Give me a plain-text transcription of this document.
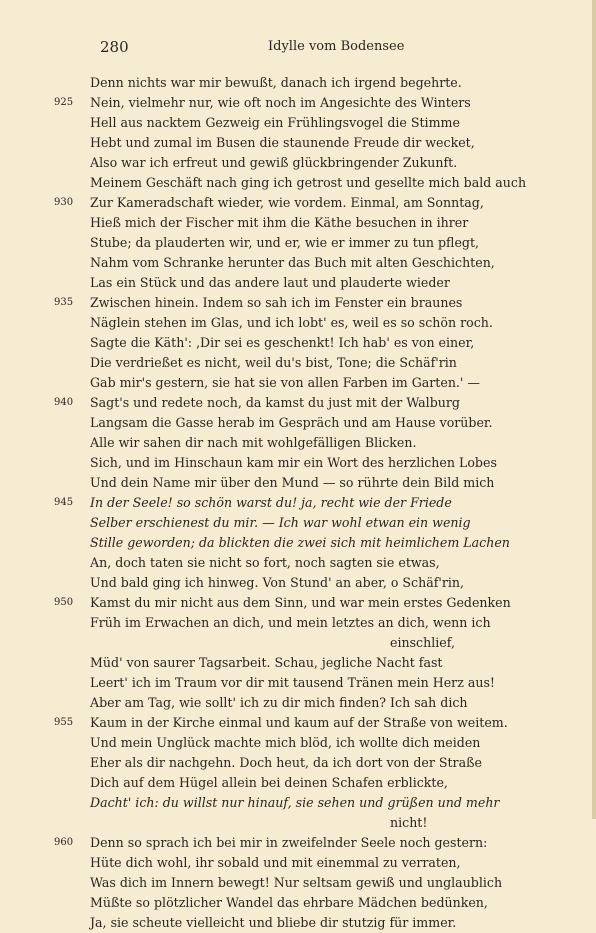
280	Idylle vom Bodensee
Denn nichts war mir bewußt, danach ich irgend begehrte.
925	Nein, vielmehr nur, wie oft noch im Angesichte des Winters
Hell aus nacktem Gezweig ein Frühlingsvogel die Stimme
Hebt und zumal im Busen die staunende Freude dir wecket,
Also war ich erfreut und gewiß glückbringender Zukunft.
Meinem Geschäft nach ging ich getrost und gesellte mich bald auch
930	Zur Kameradschaft wieder, wie vordem. Einmal, am Sonntag,
Hieß mich der Fischer mit ihm die Käthe besuchen in ihrer
Stube; da plauderten wir, und er, wie er immer zu tun pflegt,
Nahm vom Schranke herunter das Buch mit alten Geschichten,
Las ein Stück und das andere laut und plauderte wieder
935	Zwischen hinein. Indem so sah ich im Fenster ein braunes
Näglein stehen im Glas, und ich lobt' es, weil es so schön roch.
Sagte die Käth': ‚Dir sei es geschenkt! Ich hab' es von einer,
Die verdrießet es nicht, weil du's bist, Tone; die Schäf'rin
Gab mir's gestern, sie hat sie von allen Farben im Garten.' —
940	Sagt's und redete noch, da kamst du just mit der Walburg
Langsam die Gasse herab im Gespräch und am Hause vorüber.
Alle wir sahen dir nach mit wohlgefälligen Blicken.
Sich, und im Hinschaun kam mir ein Wort des herzlichen Lobes
Und dein Name mir über den Mund — so rührte dein Bild mich
945	In der Seele! so schön warst du! ja, recht wie der Friede
Selber erschienest du mir. — Ich war wohl etwan ein wenig
Stille geworden; da blickten die zwei sich mit heimlichem Lachen
An, doch taten sie nicht so fort, noch sagten sie etwas,
Und bald ging ich hinweg. Von Stund' an aber, o Schäf'rin,
950	Kamst du mir nicht aus dem Sinn, und war mein erstes Gedenken
Früh im Erwachen an dich, und mein letztes an dich, wenn ich
einschlief,
Müd' von saurer Tagsarbeit. Schau, jegliche Nacht fast
Leert' ich im Traum vor dir mit tausend Tränen mein Herz aus!
Aber am Tag, wie sollt' ich zu dir mich finden? Ich sah dich
955	Kaum in der Kirche einmal und kaum auf der Straße von weitem.
Und mein Unglück machte mich blöd, ich wollte dich meiden
Eher als dir nachgehn. Doch heut, da ich dort von der Straße
Dich auf dem Hügel allein bei deinen Schafen erblickte,
Dacht' ich: du willst nur hinauf, sie sehen und grüßen und mehr
nicht!
960	Denn so sprach ich bei mir in zweifelnder Seele noch gestern:
Hüte dich wohl, ihr sobald und mit einemmal zu verraten,
Was dich im Innern bewegt! Nur seltsam gewiß und unglaublich
Müßte so plötzlicher Wandel das ehrbare Mädchen bedünken,
Ja, sie scheute vielleicht und bliebe dir stutzig für immer.
